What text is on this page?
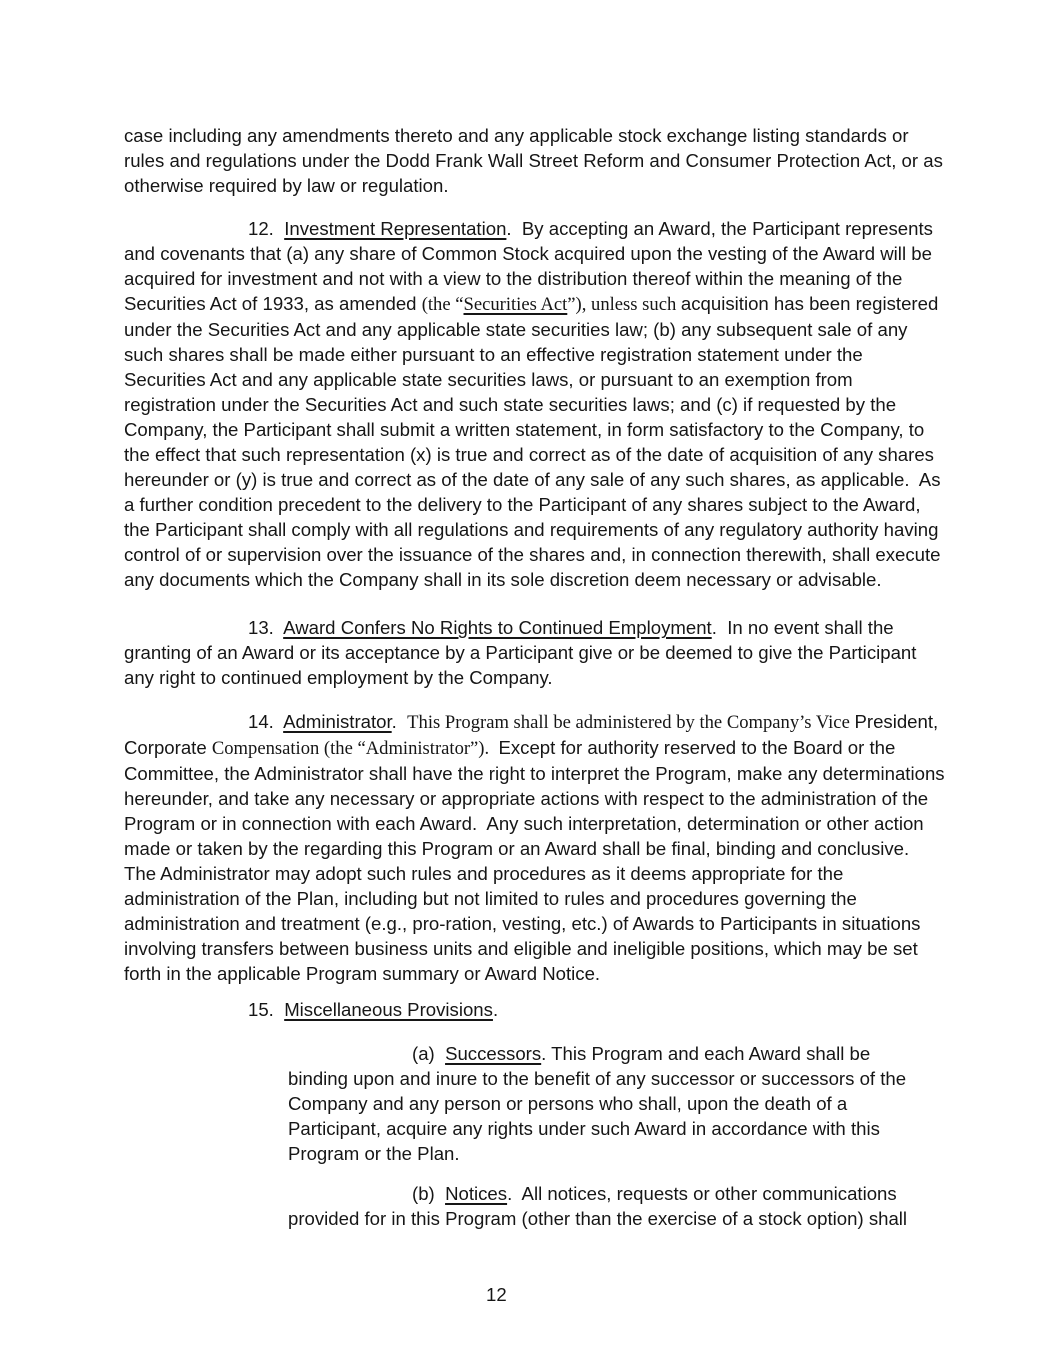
case including any amendments thereto and any applicable stock exchange listing standards or rules and regulations under the Dodd Frank Wall Street Reform and Consumer Protection Act, or as otherwise required by law or regulation.
12.  Investment Representation.  By accepting an Award, the Participant represents and covenants that (a) any share of Common Stock acquired upon the vesting of the Award will be acquired for investment and not with a view to the distribution thereof within the meaning of the Securities Act of 1933, as amended (the “Securities Act”), unless such acquisition has been registered under the Securities Act and any applicable state securities law; (b) any subsequent sale of any such shares shall be made either pursuant to an effective registration statement under the Securities Act and any applicable state securities laws, or pursuant to an exemption from registration under the Securities Act and such state securities laws; and (c) if requested by the Company, the Participant shall submit a written statement, in form satisfactory to the Company, to the effect that such representation (x) is true and correct as of the date of acquisition of any shares hereunder or (y) is true and correct as of the date of any sale of any such shares, as applicable.  As a further condition precedent to the delivery to the Participant of any shares subject to the Award, the Participant shall comply with all regulations and requirements of any regulatory authority having control of or supervision over the issuance of the shares and, in connection therewith, shall execute any documents which the Company shall in its sole discretion deem necessary or advisable.
13.  Award Confers No Rights to Continued Employment.  In no event shall the granting of an Award or its acceptance by a Participant give or be deemed to give the Participant any right to continued employment by the Company.
14.  Administrator.  This Program shall be administered by the Company’s Vice President, Corporate Compensation (the “Administrator”).  Except for authority reserved to the Board or the Committee, the Administrator shall have the right to interpret the Program, make any determinations hereunder, and take any necessary or appropriate actions with respect to the administration of the Program or in connection with each Award.  Any such interpretation, determination or other action made or taken by the regarding this Program or an Award shall be final, binding and conclusive. The Administrator may adopt such rules and procedures as it deems appropriate for the administration of the Plan, including but not limited to rules and procedures governing the administration and treatment (e.g., pro-ration, vesting, etc.) of Awards to Participants in situations involving transfers between business units and eligible and ineligible positions, which may be set forth in the applicable Program summary or Award Notice.
15.  Miscellaneous Provisions.
(a)  Successors. This Program and each Award shall be binding upon and inure to the benefit of any successor or successors of the Company and any person or persons who shall, upon the death of a Participant, acquire any rights under such Award in accordance with this Program or the Plan.
(b)  Notices.  All notices, requests or other communications provided for in this Program (other than the exercise of a stock option) shall
12
